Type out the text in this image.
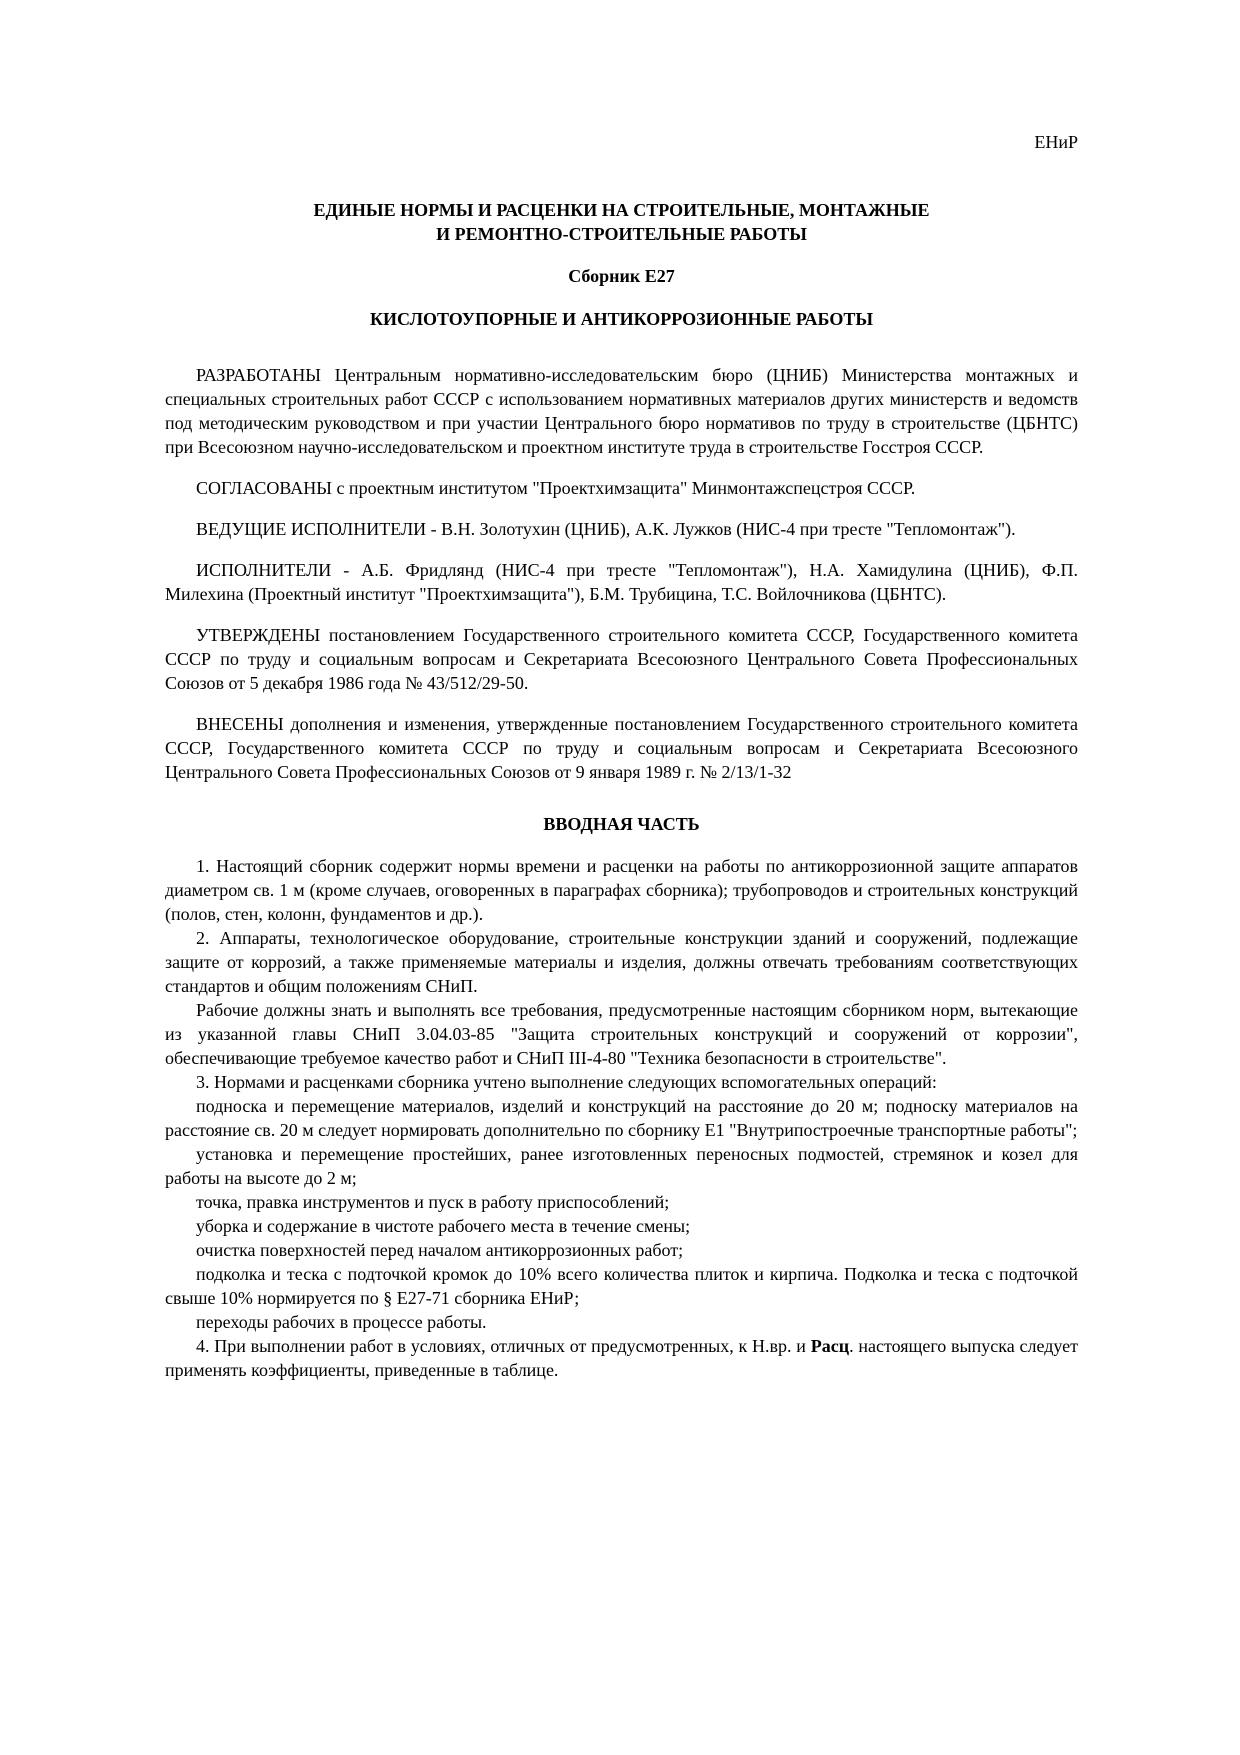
ЕНиР
ЕДИНЫЕ НОРМЫ И РАСЦЕНКИ НА СТРОИТЕЛЬНЫЕ, МОНТАЖНЫЕ
И РЕМОНТНО-СТРОИТЕЛЬНЫЕ РАБОТЫ
Сборник Е27
КИСЛОТОУПОРНЫЕ И АНТИКОРРОЗИОННЫЕ РАБОТЫ

РАЗРАБОТАНЫ Центральным нормативно-исследовательским бюро (ЦНИБ) Министерства монтажных и специальных строительных работ СССР с использованием нормативных материалов других министерств и ведомств под методическим руководством и при участии Центрального бюро нормативов по труду в строительстве (ЦБНТС) при Всесоюзном научно-исследовательском и проектном институте труда в строительстве Госстроя СССР.

СОГЛАСОВАНЫ с проектным институтом "Проектхимзащита" Минмонтажспецстроя СССР.

ВЕДУЩИЕ ИСПОЛНИТЕЛИ - В.Н. Золотухин (ЦНИБ), А.К. Лужков (НИС-4 при тресте "Тепломонтаж").

ИСПОЛНИТЕЛИ - А.Б. Фридлянд (НИС-4 при тресте "Тепломонтаж"), Н.А. Хамидулина (ЦНИБ), Ф.П. Милехина (Проектный институт "Проектхимзащита"), Б.М. Трубицина, Т.С. Войлочникова (ЦБНТС).

УТВЕРЖДЕНЫ постановлением Государственного строительного комитета СССР, Государственного комитета СССР по труду и социальным вопросам и Секретариата Всесоюзного Центрального Совета Профессиональных Союзов от 5 декабря 1986 года № 43/512/29-50.

ВНЕСЕНЫ дополнения и изменения, утвержденные постановлением Государственного строительного комитета СССР, Государственного комитета СССР по труду и социальным вопросам и Секретариата Всесоюзного Центрального Совета Профессиональных Союзов от 9 января 1989 г. № 2/13/1-32

ВВОДНАЯ ЧАСТЬ

1. Настоящий сборник содержит нормы времени и расценки на работы по антикоррозионной защите аппаратов диаметром св. 1 м (кроме случаев, оговоренных в параграфах сборника); трубопроводов и строительных конструкций (полов, стен, колонн, фундаментов и др.).

2. Аппараты, технологическое оборудование, строительные конструкции зданий и сооружений, подлежащие защите от коррозий, а также применяемые материалы и изделия, должны отвечать требованиям соответствующих стандартов и общим положениям СНиП.

Рабочие должны знать и выполнять все требования, предусмотренные настоящим сборником норм, вытекающие из указанной главы СНиП 3.04.03-85 "Защита строительных конструкций и сооружений от коррозии", обеспечивающие требуемое качество работ и СНиП III-4-80 "Техника безопасности в строительстве".

3. Нормами и расценками сборника учтено выполнение следующих вспомогательных операций:

подноска и перемещение материалов, изделий и конструкций на расстояние до 20 м; подноску материалов на расстояние св. 20 м следует нормировать дополнительно по сборнику Е1 "Внутрипостроечные транспортные работы";

установка и перемещение простейших, ранее изготовленных переносных подмостей, стремянок и козел для работы на высоте до 2 м;

точка, правка инструментов и пуск в работу приспособлений;

уборка и содержание в чистоте рабочего места в течение смены;

очистка поверхностей перед началом антикоррозионных работ;

подколка и теска с подточкой кромок до 10% всего количества плиток и кирпича. Подколка и теска с подточкой свыше 10% нормируется по § Е27-71 сборника ЕНиР;

переходы рабочих в процессе работы.

4. При выполнении работ в условиях, отличных от предусмотренных, к Н.вр. и Расц. настоящего выпуска следует применять коэффициенты, приведенные в таблице.
